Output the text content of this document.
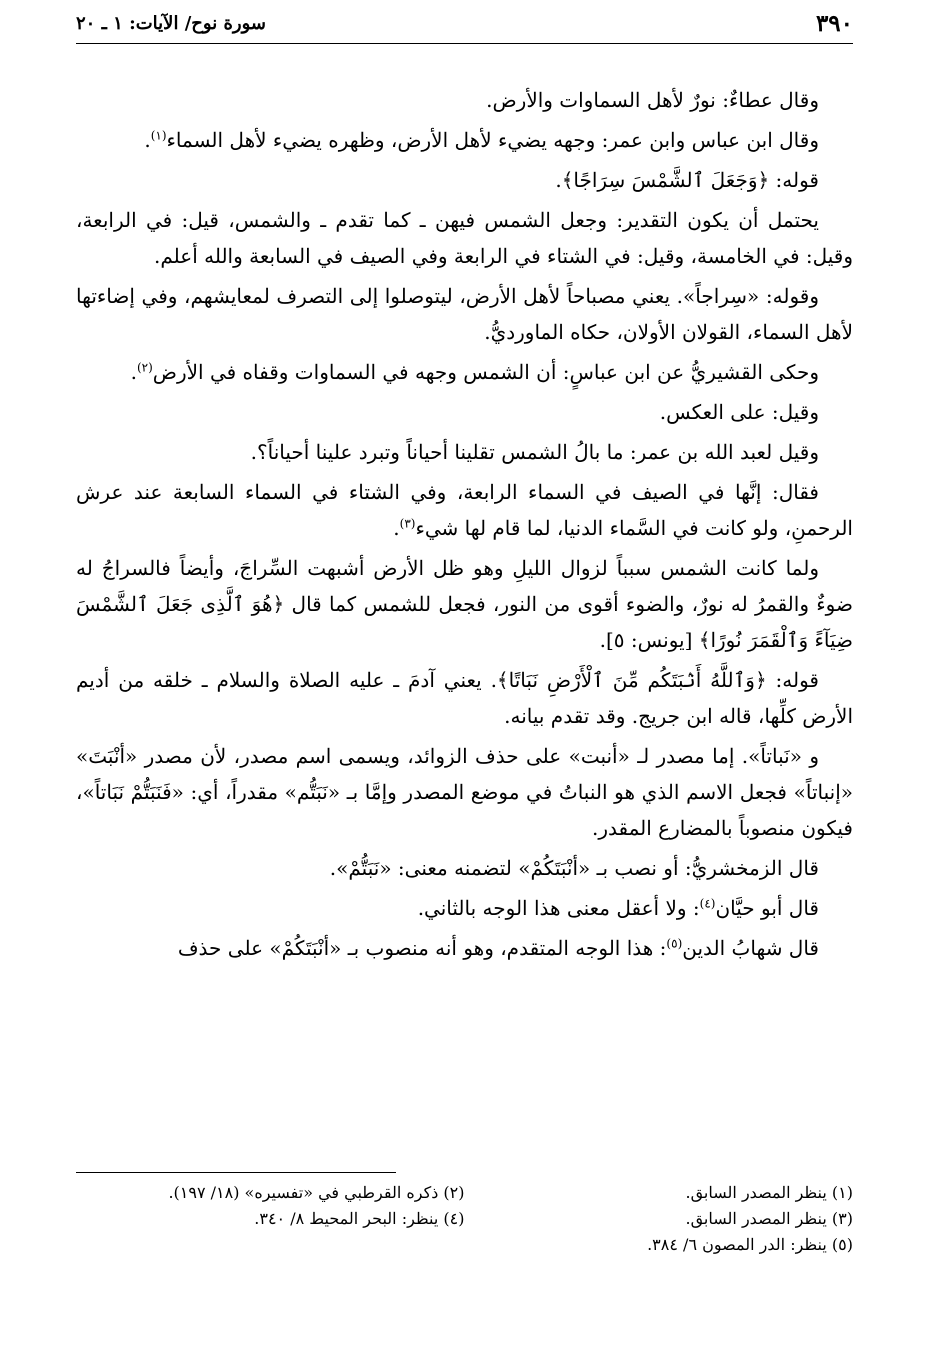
٣٩٠
سورة نوح/ الآيات: ١ ـ ٢٠

وقال عطاءٌ: نورٌ لأهل السماوات والأرض.

وقال ابن عباس وابن عمر: وجهه يضيء لأهل الأرض، وظهره يضيء لأهل السماء$^{(١)}$.

قوله: ﴿وَجَعَلَ ٱلشَّمْسَ سِرَاجًا﴾.

يحتمل أن يكون التقدير: وجعل الشمس فيهن ـ كما تقدم ـ والشمس، قيل: في الرابعة، وقيل: في الخامسة، وقيل: في الشتاء في الرابعة وفي الصيف في السابعة والله أعلم.

وقوله: «سِراجاً». يعني مصباحاً لأهل الأرض، ليتوصلوا إلى التصرف لمعايشهم، وفي إضاءتها لأهل السماء، القولان الأولان، حكاه الماورديُّ.

وحكى القشيريُّ عن ابن عباسٍ: أن الشمس وجهه في السماوات وقفاه في الأرض$^{(٢)}$.

وقيل: على العكس.

وقيل لعبد الله بن عمر: ما بالُ الشمس تقلينا أحياناً وتبرد علينا أحياناً؟.

فقال: إنَّها في الصيف في السماء الرابعة، وفي الشتاء في السماء السابعة عند عرش الرحمنِ، ولو كانت في السَّماء الدنيا، لما قام لها شيء$^{(٣)}$.

ولما كانت الشمس سبباً لزوال الليلِ وهو ظل الأرض أشبهت السِّراجَ، وأيضاً فالسراجُ له ضوءٌ والقمرُ له نورٌ، والضوء أقوى من النور، فجعل للشمس كما قال ﴿هُوَ ٱلَّذِى جَعَلَ ٱلشَّمْسَ ضِيَآءً وَٱلْقَمَرَ نُورًا﴾ [يونس: ٥].

قوله: ﴿وَٱللَّهُ أَنۢبَتَكُم مِّنَ ٱلْأَرْضِ نَبَاتًا﴾. يعني آدمَ ـ عليه الصلاة والسلام ـ خلقه من أديم الأرض كلِّها، قاله ابن جريج. وقد تقدم بيانه.

و «نَباتاً». إما مصدر لـ «أنبت» على حذف الزوائد، ويسمى اسم مصدر، لأن مصدر «أنْبَتَ» «إنباتاً» فجعل الاسم الذي هو النباتُ في موضع المصدر وإمَّا بـ «نَبَتُّم» مقدراً، أي: «فَنَبَتُّمْ نَبَاتاً»، فيكون منصوباً بالمضارع المقدر.

قال الزمخشريُّ: أو نصب بـ «أنْبَتَكُمْ» لتضمنه معنى: «نَبَتُّمْ».

قال أبو حيَّان$^{(٤)}$: ولا أعقل معنى هذا الوجه بالثاني.

قال شهابُ الدين$^{(٥)}$: هذا الوجه المتقدم، وهو أنه منصوب بـ «أنْبَتَكُمْ» على حذف

(١) ينظر المصدر السابق.
(٢) ذكره القرطبي في «تفسيره» (١٨/ ١٩٧).
(٣) ينظر المصدر السابق.
(٤) ينظر: البحر المحيط ٨/ ٣٤٠.
(٥) ينظر: الدر المصون ٦/ ٣٨٤.
